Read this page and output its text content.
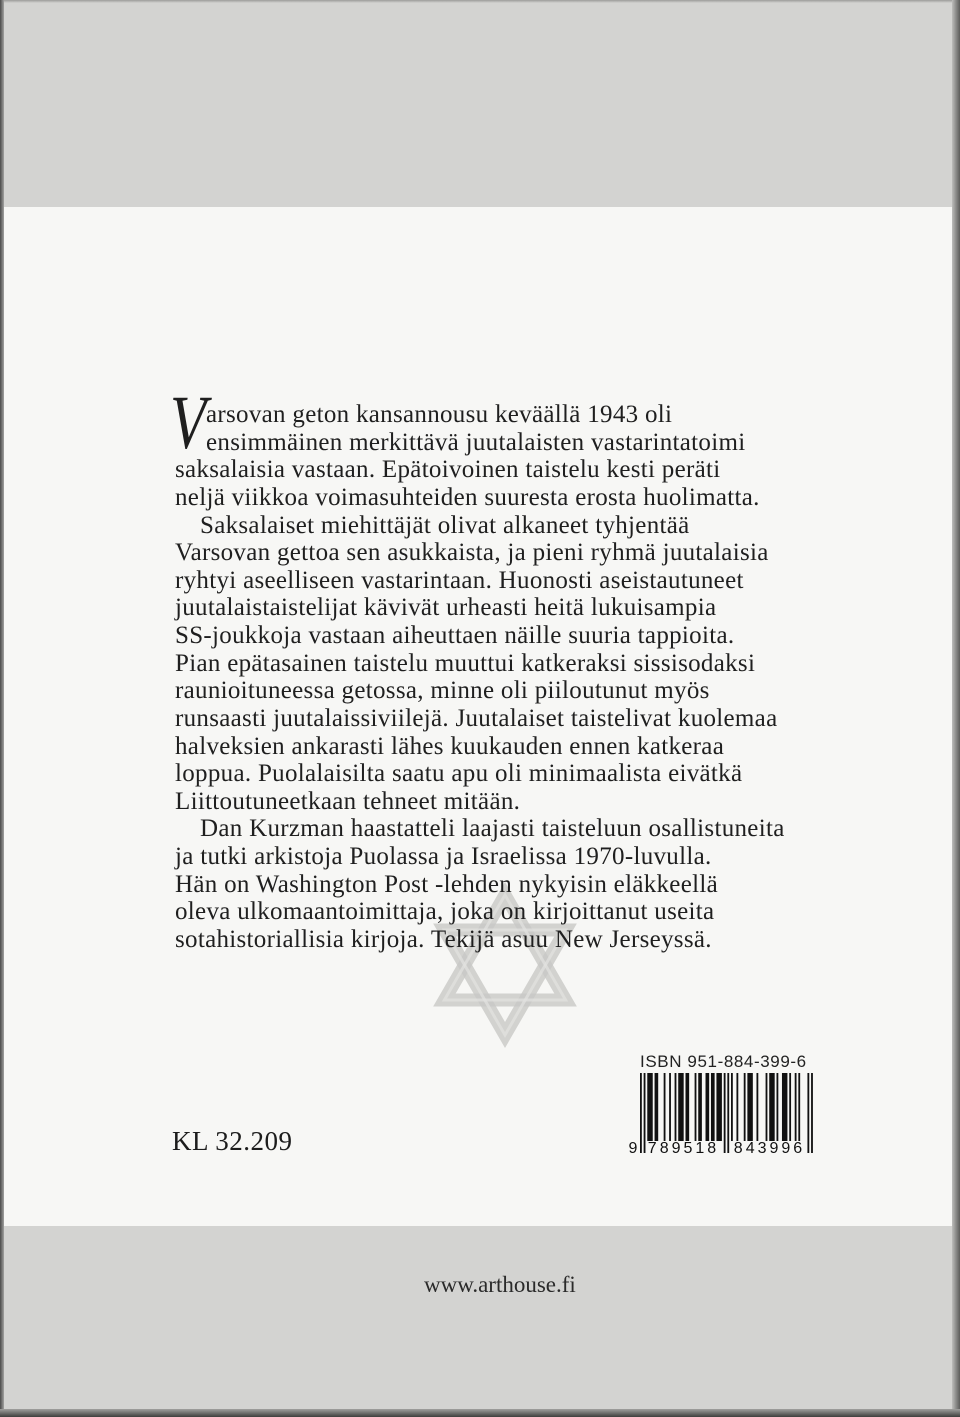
V arsovan geton kansannousu keväällä 1943 oli
ensimmäinen merkittävä juutalaisten vastarintatoimi
saksalaisia vastaan. Epätoivoinen taistelu kesti peräti
neljä viikkoa voimasuhteiden suuresta erosta huolimatta.
Saksalaiset miehittäjät olivat alkaneet tyhjentää
Varsovan gettoa sen asukkaista, ja pieni ryhmä juutalaisia
ryhtyi aseelliseen vastarintaan. Huonosti aseistautuneet
juutalaistaistelijat kävivät urheasti heitä lukuisampia
SS-joukkoja vastaan aiheuttaen näille suuria tappioita.
Pian epätasainen taistelu muuttui katkeraksi sissisodaksi
raunioituneessa getossa, minne oli piiloutunut myös
runsaasti juutalaissiviilejä. Juutalaiset taistelivat kuolemaa
halveksien ankarasti lähes kuukauden ennen katkeraa
loppua. Puolalaisilta saatu apu oli minimaalista eivätkä
Liittoutuneetkaan tehneet mitään.
Dan Kurzman haastatteli laajasti taisteluun osallistuneita
ja tutki arkistoja Puolassa ja Israelissa 1970-luvulla.
Hän on Washington Post -lehden nykyisin eläkkeellä
oleva ulkomaantoimittaja, joka on kirjoittanut useita
sotahistoriallisia kirjoja. Tekijä asuu New Jerseyssä.
ISBN 951-884-399-6
9 789518 843996
KL 32.209
www.arthouse.fi
